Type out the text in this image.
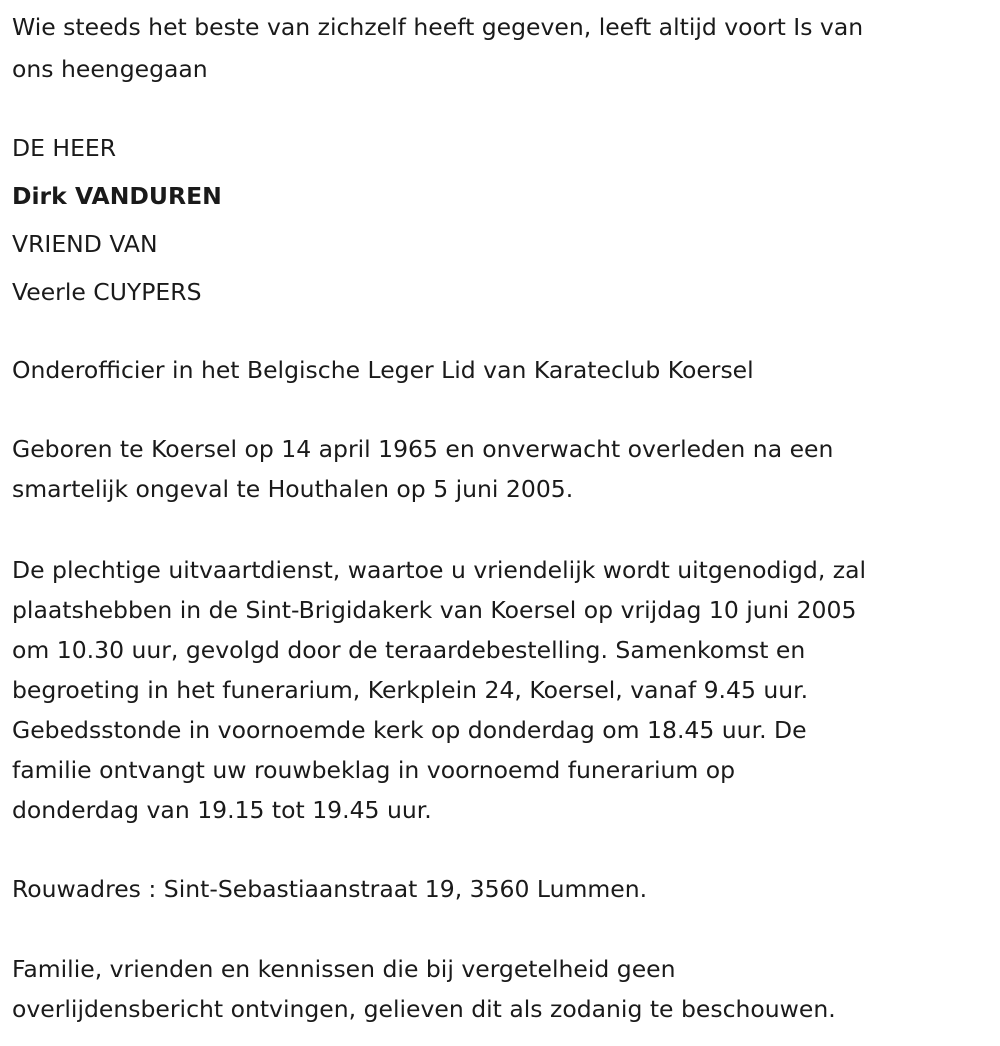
Wie steeds het beste van zichzelf heeft gegeven, leeft altijd voort Is van
ons heengegaan
DE HEER
Dirk VANDUREN
VRIEND VAN
Veerle CUYPERS
Onderofficier in het Belgische Leger Lid van Karateclub Koersel
Geboren te Koersel op 14 april 1965 en onverwacht overleden na een
smartelijk ongeval te Houthalen op 5 juni 2005.
De plechtige uitvaartdienst, waartoe u vriendelijk wordt uitgenodigd, zal
plaatshebben in de Sint-Brigidakerk van Koersel op vrijdag 10 juni 2005
om 10.30 uur, gevolgd door de teraardebestelling. Samenkomst en
begroeting in het funerarium, Kerkplein 24, Koersel, vanaf 9.45 uur.
Gebedsstonde in voornoemde kerk op donderdag om 18.45 uur. De
familie ontvangt uw rouwbeklag in voornoemd funerarium op
donderdag van 19.15 tot 19.45 uur.
Rouwadres : Sint-Sebastiaanstraat 19, 3560 Lummen.
Familie, vrienden en kennissen die bij vergetelheid geen
overlijdensbericht ontvingen, gelieven dit als zodanig te beschouwen.
